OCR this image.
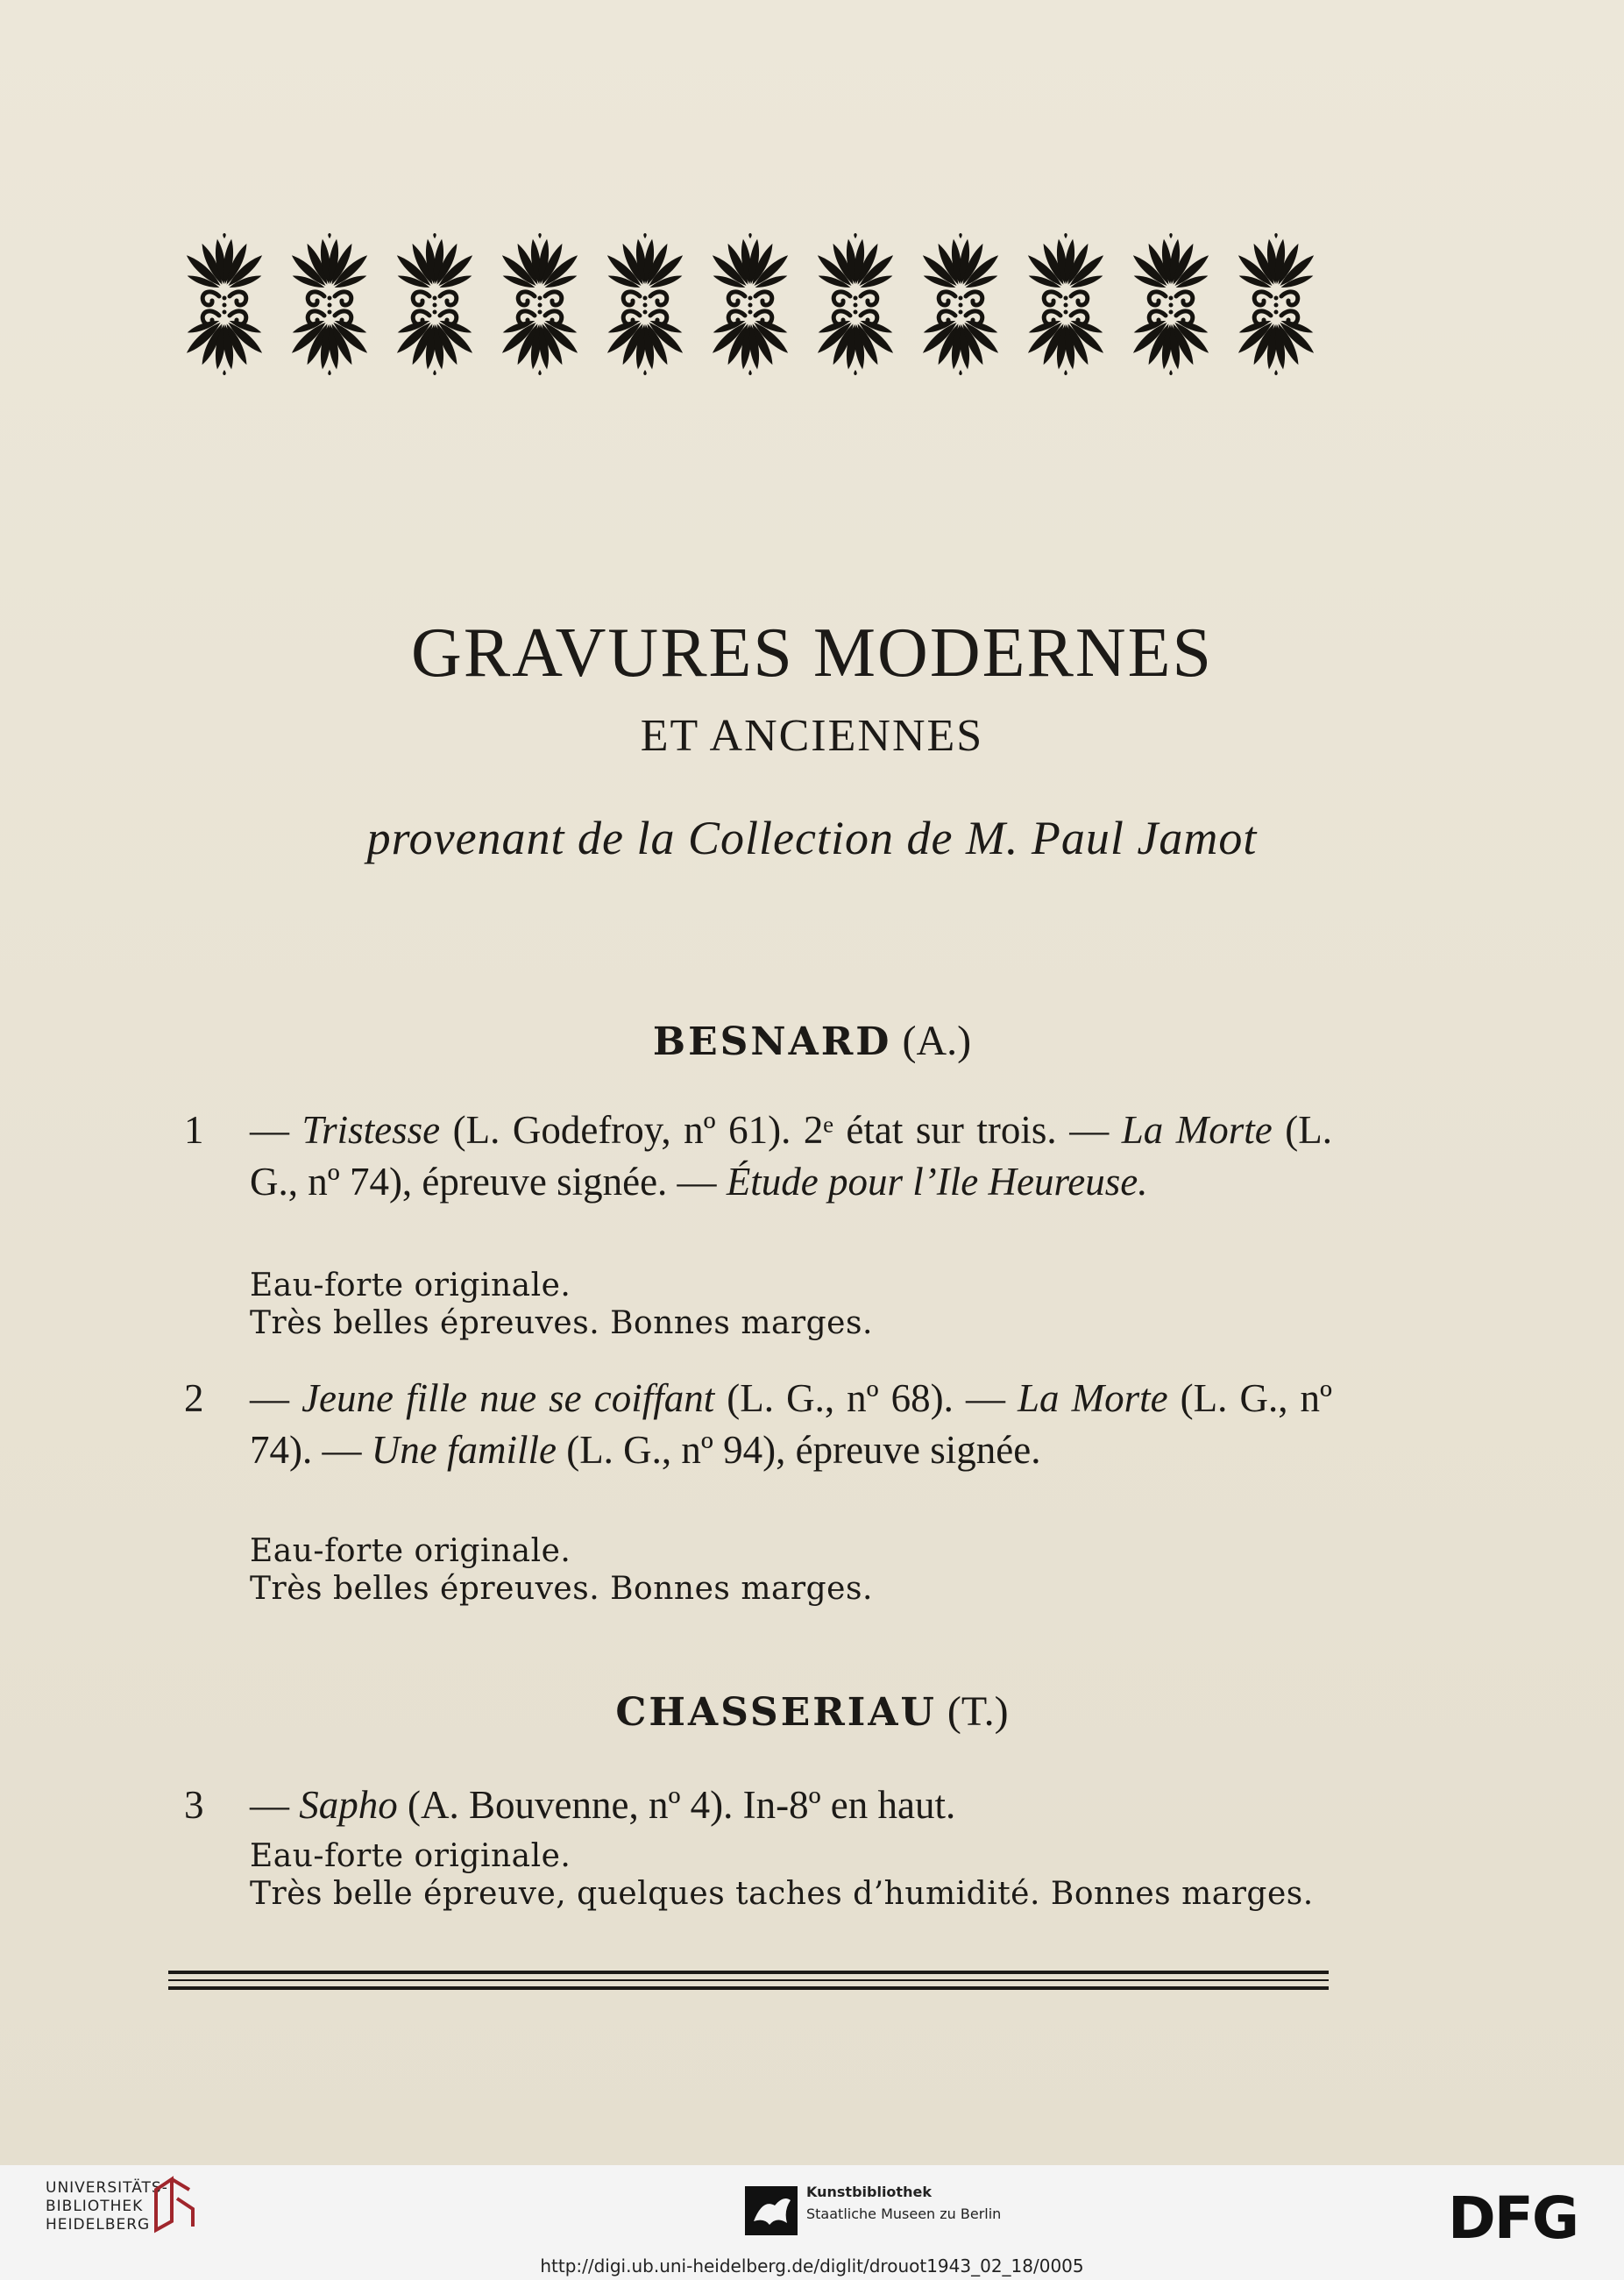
GRAVURES MODERNES
ET ANCIENNES
provenant de la Collection de M. Paul Jamot
BESNARD (A.)
1 — Tristesse (L. Godefroy, nº 61). 2ᵉ état sur trois. — La Morte (L. G., nº 74), épreuve signée. — Étude pour l’Ile Heureuse.
Eau-forte originale.
Très belles épreuves. Bonnes marges.
2 — Jeune fille nue se coiffant (L. G., nº 68). — La Morte (L. G., nº 74). — Une famille (L. G., nº 94), épreuve signée.
Eau-forte originale.
Très belles épreuves. Bonnes marges.
CHASSERIAU (T.)
3 — Sapho (A. Bouvenne, nº 4). In-8º en haut.
Eau-forte originale.
Très belle épreuve, quelques taches d’humidité. Bonnes marges.
UNIVERSITÄTS-
BIBLIOTHEK
HEIDELBERG
Kunstbibliothek
Staatliche Museen zu Berlin	DFG
http://digi.ub.uni-heidelberg.de/diglit/drouot1943_02_18/0005
